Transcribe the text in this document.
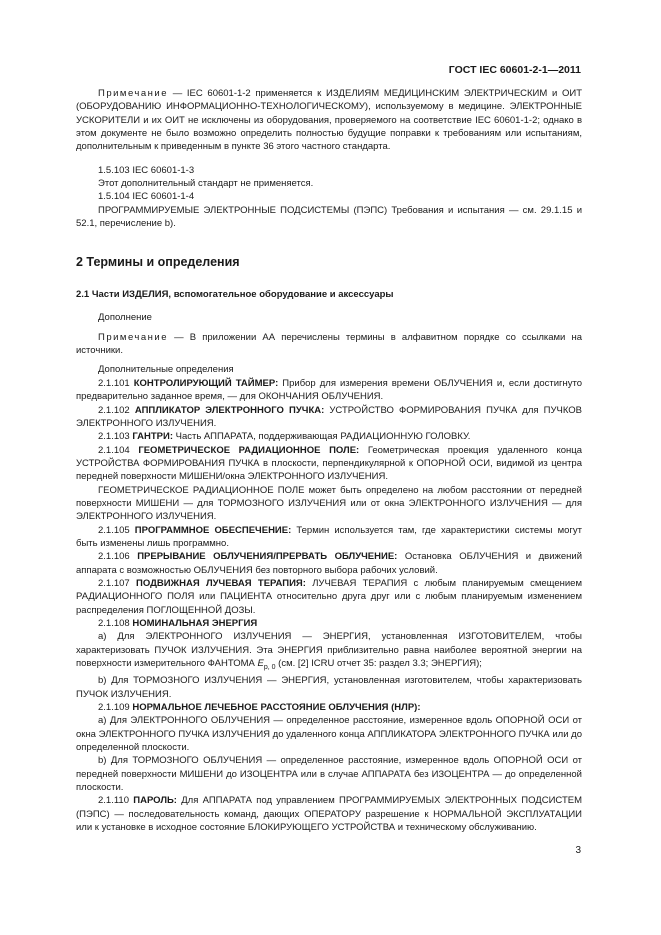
ГОСТ IEC 60601-2-1—2011

Примечание — IEC 60601-1-2 применяется к ИЗДЕЛИЯМ МЕДИЦИНСКИМ ЭЛЕКТРИЧЕСКИМ и ОИТ (ОБОРУДОВАНИЮ ИНФОРМАЦИОННО-ТЕХНОЛОГИЧЕСКОМУ), используемому в медицине. ЭЛЕКТРОННЫЕ УСКОРИТЕЛИ и их ОИТ не исключены из оборудования, проверяемого на соответствие IEC 60601-1-2; однако в этом документе не было возможно определить полностью будущие поправки к требованиям или испытаниям, дополнительным к приведенным в пункте 36 этого частного стандарта.

1.5.103 IEC 60601-1-3

Этот дополнительный стандарт не применяется.

1.5.104 IEC 60601-1-4

ПРОГРАММИРУЕМЫЕ ЭЛЕКТРОННЫЕ ПОДСИСТЕМЫ (ПЭПС) Требования и испытания — см. 29.1.15 и 52.1, перечисление b).

2 Термины и определения
2.1 Части ИЗДЕЛИЯ, вспомогательное оборудование и аксессуары

Дополнение

Примечание — В приложении АА перечислены термины в алфавитном порядке со ссылками на источники.

Дополнительные определения

2.1.101 КОНТРОЛИРУЮЩИЙ ТАЙМЕР: Прибор для измерения времени ОБЛУЧЕНИЯ и, если достигнуто предварительно заданное время, — для ОКОНЧАНИЯ ОБЛУЧЕНИЯ.

2.1.102 АППЛИКАТОР ЭЛЕКТРОННОГО ПУЧКА: УСТРОЙСТВО ФОРМИРОВАНИЯ ПУЧКА для ПУЧКОВ ЭЛЕКТРОННОГО ИЗЛУЧЕНИЯ.

2.1.103 ГАНТРИ: Часть АППАРАТА, поддерживающая РАДИАЦИОННУЮ ГОЛОВКУ.

2.1.104 ГЕОМЕТРИЧЕСКОЕ РАДИАЦИОННОЕ ПОЛЕ: Геометрическая проекция удаленного конца УСТРОЙСТВА ФОРМИРОВАНИЯ ПУЧКА в плоскости, перпендикулярной к ОПОРНОЙ ОСИ, видимой из центра передней поверхности МИШЕНИ/окна ЭЛЕКТРОННОГО ИЗЛУЧЕНИЯ.

ГЕОМЕТРИЧЕСКОЕ РАДИАЦИОННОЕ ПОЛЕ может быть определено на любом расстоянии от передней поверхности МИШЕНИ — для ТОРМОЗНОГО ИЗЛУЧЕНИЯ или от окна ЭЛЕКТРОННОГО ИЗЛУЧЕНИЯ — для ЭЛЕКТРОННОГО ИЗЛУЧЕНИЯ.

2.1.105 ПРОГРАММНОЕ ОБЕСПЕЧЕНИЕ: Термин используется там, где характеристики системы могут быть изменены лишь программно.

2.1.106 ПРЕРЫВАНИЕ ОБЛУЧЕНИЯ/ПРЕРВАТЬ ОБЛУЧЕНИЕ: Остановка ОБЛУЧЕНИЯ и движений аппарата с возможностью ОБЛУЧЕНИЯ без повторного выбора рабочих условий.

2.1.107 ПОДВИЖНАЯ ЛУЧЕВАЯ ТЕРАПИЯ: ЛУЧЕВАЯ ТЕРАПИЯ с любым планируемым смещением РАДИАЦИОННОГО ПОЛЯ или ПАЦИЕНТА относительно друга друг или с любым планируемым изменением распределения ПОГЛОЩЕННОЙ ДОЗЫ.

2.1.108 НОМИНАЛЬНАЯ ЭНЕРГИЯ

a) Для ЭЛЕКТРОННОГО ИЗЛУЧЕНИЯ — ЭНЕРГИЯ, установленная ИЗГОТОВИТЕЛЕМ, чтобы характеризовать ПУЧОК ИЗЛУЧЕНИЯ. Эта ЭНЕРГИЯ приблизительно равна наиболее вероятной энергии на поверхности измерительного ФАНТОМА $E_{p, 0}$ (см. [2] ICRU отчет 35: раздел 3.3; ЭНЕРГИЯ);

b) Для ТОРМОЗНОГО ИЗЛУЧЕНИЯ — ЭНЕРГИЯ, установленная изготовителем, чтобы характеризовать ПУЧОК ИЗЛУЧЕНИЯ.

2.1.109 НОРМАЛЬНОЕ ЛЕЧЕБНОЕ РАССТОЯНИЕ ОБЛУЧЕНИЯ (НЛР):

a) Для ЭЛЕКТРОННОГО ОБЛУЧЕНИЯ — определенное расстояние, измеренное вдоль ОПОРНОЙ ОСИ от окна ЭЛЕКТРОННОГО ПУЧКА ИЗЛУЧЕНИЯ до удаленного конца АППЛИКАТОРА ЭЛЕКТРОННОГО ПУЧКА или до определенной плоскости.

b) Для ТОРМОЗНОГО ОБЛУЧЕНИЯ — определенное расстояние, измеренное вдоль ОПОРНОЙ ОСИ от передней поверхности МИШЕНИ до ИЗОЦЕНТРА или в случае АППАРАТА без ИЗОЦЕНТРА — до определенной плоскости.

2.1.110 ПАРОЛЬ: Для АППАРАТА под управлением ПРОГРАММИРУЕМЫХ ЭЛЕКТРОННЫХ ПОДСИСТЕМ (ПЭПС) — последовательность команд, дающих ОПЕРАТОРУ разрешение к НОРМАЛЬНОЙ ЭКСПЛУАТАЦИИ или к установке в исходное состояние БЛОКИРУЮЩЕГО УСТРОЙСТВА и техническому обслуживанию.

3
